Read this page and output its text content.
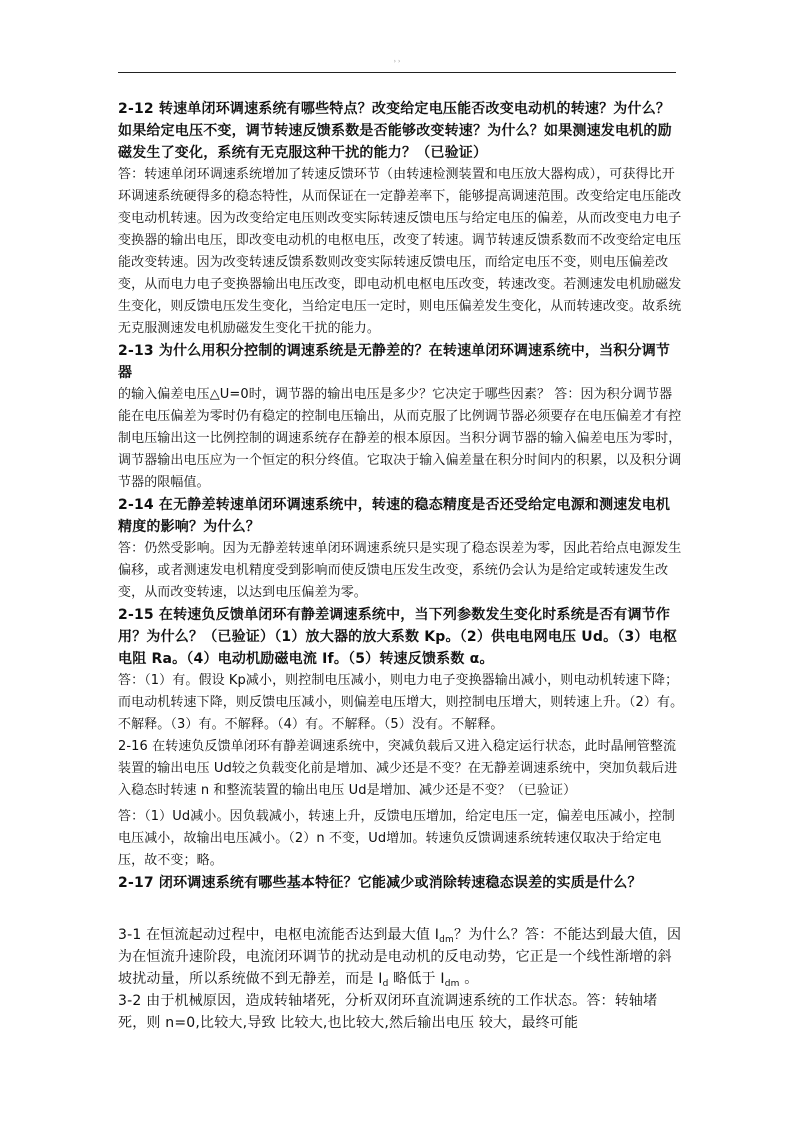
› ›

2-12 转速单闭环调速系统有哪些特点？改变给定电压能否改变电动机的转速？为什么？如果给定电压不变，调节转速反馈系数是否能够改变转速？为什么？如果测速发电机的励磁发生了变化，系统有无克服这种干扰的能力？（已验证）

答：转速单闭环调速系统增加了转速反馈环节（由转速检测装置和电压放大器构成），可获得比开环调速系统硬得多的稳态特性，从而保证在一定静差率下，能够提高调速范围。改变给定电压能改变电动机转速。因为改变给定电压则改变实际转速反馈电压与给定电压的偏差，从而改变电力电子变换器的输出电压，即改变电动机的电枢电压，改变了转速。调节转速反馈系数而不改变给定电压能改变转速。因为改变转速反馈系数则改变实际转速反馈电压，而给定电压不变，则电压偏差改变，从而电力电子变换器输出电压改变，即电动机电枢电压改变，转速改变。若测速发电机励磁发生变化，则反馈电压发生变化，当给定电压一定时，则电压偏差发生变化，从而转速改变。故系统无克服测速发电机励磁发生变化干扰的能力。

2-13 为什么用积分控制的调速系统是无静差的？在转速单闭环调速系统中，当积分调节器

的输入偏差电压△U=0时，调节器的输出电压是多少？它决定于哪些因素？ 答：因为积分调节器能在电压偏差为零时仍有稳定的控制电压输出，从而克服了比例调节器必须要存在电压偏差才有控制电压输出这一比例控制的调速系统存在静差的根本原因。当积分调节器的输入偏差电压为零时，调节器输出电压应为一个恒定的积分终值。它取决于输入偏差量在积分时间内的积累，以及积分调节器的限幅值。

2-14 在无静差转速单闭环调速系统中，转速的稳态精度是否还受给定电源和测速发电机精度的影响？为什么？

答：仍然受影响。因为无静差转速单闭环调速系统只是实现了稳态误差为零，因此若给点电源发生偏移，或者测速发电机精度受到影响而使反馈电压发生改变，系统仍会认为是给定或转速发生改变，从而改变转速，以达到电压偏差为零。

2-15 在转速负反馈单闭环有静差调速系统中，当下列参数发生变化时系统是否有调节作用？为什么？（已验证）（1）放大器的放大系数 Kp。（2）供电电网电压 Ud。（3）电枢电阻 Ra。（4）电动机励磁电流 If。（5）转速反馈系数 α。

答：（1）有。假设 Kp减小，则控制电压减小，则电力电子变换器输出减小，则电动机转速下降；而电动机转速下降，则反馈电压减小，则偏差电压增大，则控制电压增大，则转速上升。（2）有。不解释。（3）有。不解释。（4）有。不解释。（5）没有。不解释。

2-16 在转速负反馈单闭环有静差调速系统中，突减负载后又进入稳定运行状态，此时晶闸管整流装置的输出电压 Ud较之负载变化前是增加、减少还是不变？在无静差调速系统中，突加负载后进入稳态时转速 n 和整流装置的输出电压 Ud是增加、减少还是不变？（已验证）

答：（1）Ud减小。因负载减小，转速上升，反馈电压增加，给定电压一定，偏差电压减小，控制电压减小，故输出电压减小。（2）n 不变，Ud增加。转速负反馈调速系统转速仅取决于给定电压，故不变；略。

2-17 闭环调速系统有哪些基本特征？它能减少或消除转速稳态误差的实质是什么？

3-1 在恒流起动过程中，电枢电流能否达到最大值 $I_{dm}$？为什么？答：不能达到最大值，因为在恒流升速阶段，电流闭环调节的扰动是电动机的反电动势，它正是一个线性渐增的斜坡扰动量，所以系统做不到无静差，而是 $I_d$ 略低于 $I_{dm}$ 。

3-2 由于机械原因，造成转轴堵死，分析双闭环直流调速系统的工作状态。答：转轴堵死，则 n=0,比较大,导致 比较大,也比较大,然后输出电压 较大，最终可能
